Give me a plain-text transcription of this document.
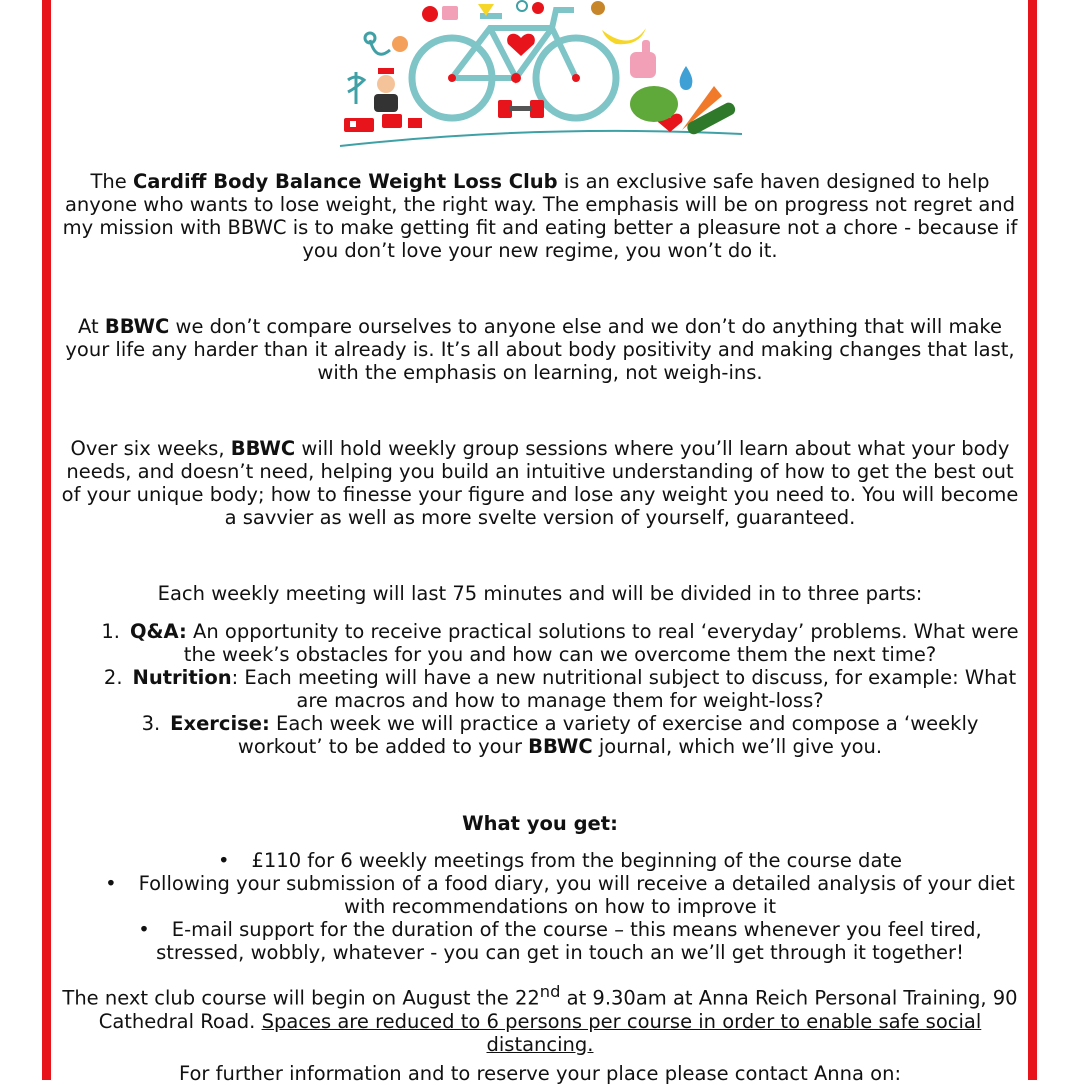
The Cardiff Body Balance Weight Loss Club is an exclusive safe haven designed to help anyone who wants to lose weight, the right way. The emphasis will be on progress not regret and my mission with BBWC is to make getting fit and eating better a pleasure not a chore - because if you don’t love your new regime, you won’t do it.

At BBWC we don’t compare ourselves to anyone else and we don’t do anything that will make your life any harder than it already is. It’s all about body positivity and making changes that last, with the emphasis on learning, not weigh-ins.

Over six weeks, BBWC will hold weekly group sessions where you’ll learn about what your body needs, and doesn’t need, helping you build an intuitive understanding of how to get the best out of your unique body; how to finesse your figure and lose any weight you need to. You will become a savvier as well as more svelte version of yourself, guaranteed.

Each weekly meeting will last 75 minutes and will be divided in to three parts:

1. Q&A: An opportunity to receive practical solutions to real ‘everyday’ problems. What were the week’s obstacles for you and how can we overcome them the next time?
2. Nutrition: Each meeting will have a new nutritional subject to discuss, for example: What are macros and how to manage them for weight-loss?
3. Exercise: Each week we will practice a variety of exercise and compose a ‘weekly workout’ to be added to your BBWC journal, which we’ll give you.

What you get:

• £110 for 6 weekly meetings from the beginning of the course date
• Following your submission of a food diary, you will receive a detailed analysis of your diet with recommendations on how to improve it
• E-mail support for the duration of the course – this means whenever you feel tired, stressed, wobbly, whatever - you can get in touch an we’ll get through it together!

The next club course will begin on August the 22nd at 9.30am at Anna Reich Personal Training, 90 Cathedral Road. Spaces are reduced to 6 persons per course in order to enable safe social distancing.

For further information and to reserve your place please contact Anna on:
